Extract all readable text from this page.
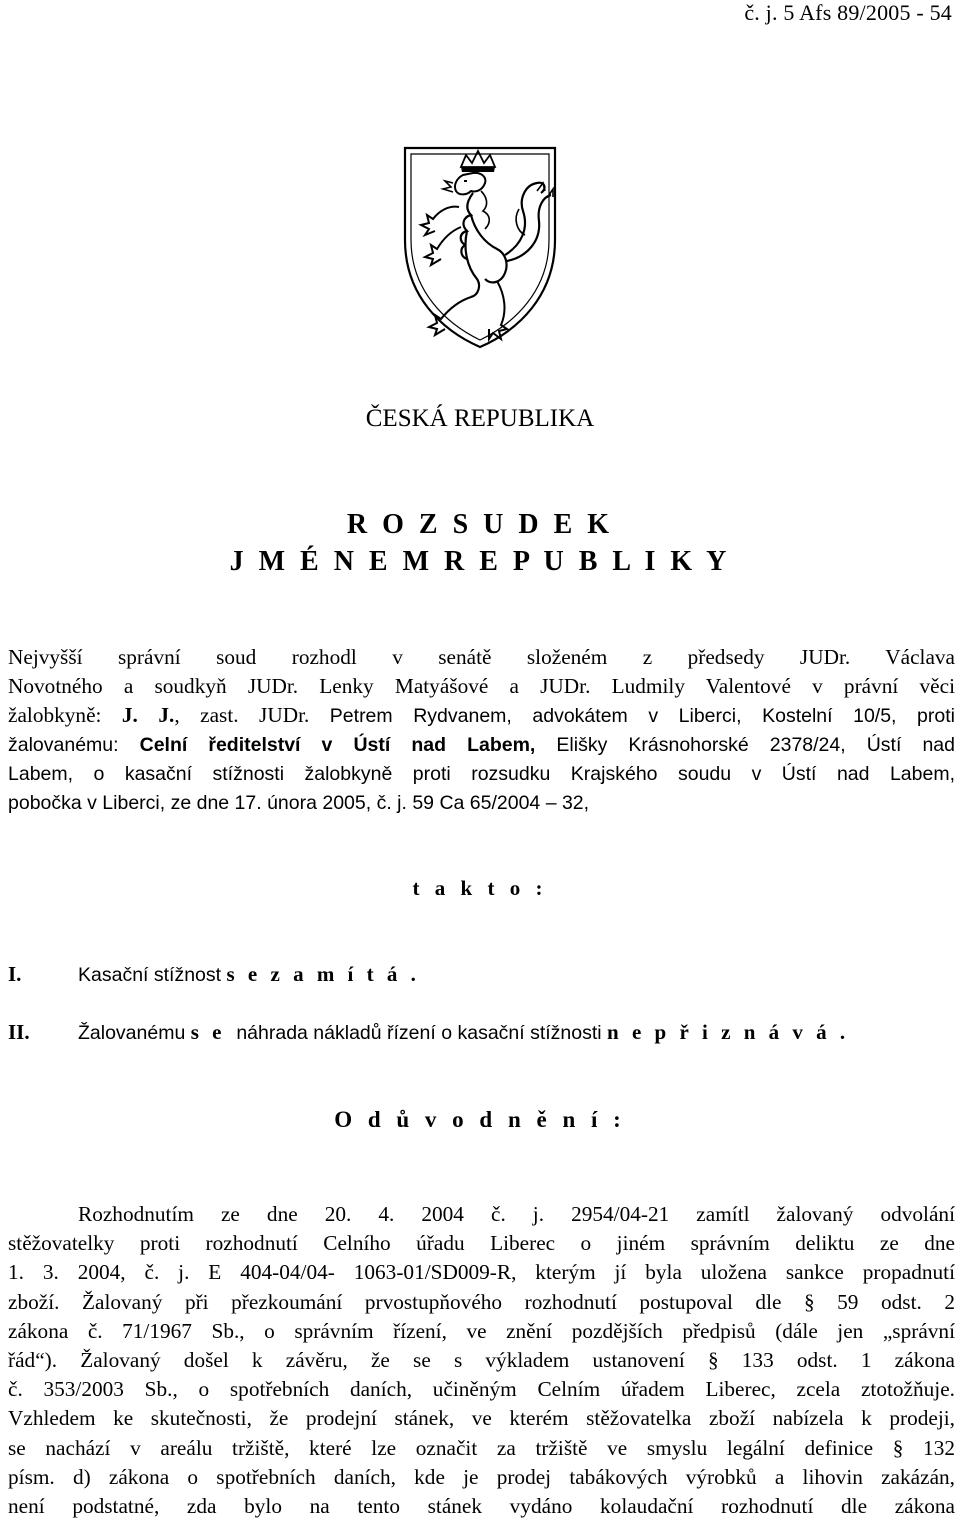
č. j. 5 Afs 89/2005 - 54
ČESKÁ REPUBLIKA
R O Z S U D E K
J M É N E M R E P U B L I K Y
Nejvyšší správní soud rozhodl v senátě složeném z předsedy JUDr. Václava
Novotného a soudkyň JUDr. Lenky Matyášové a JUDr. Ludmily Valentové v právní věci
žalobkyně: J. J., zast. JUDr. Petrem Rydvanem, advokátem v Liberci, Kostelní 10/5, proti
žalovanému: Celní ředitelství v Ústí nad Labem, Elišky Krásnohorské 2378/24, Ústí nad
Labem, o kasační stížnosti žalobkyně proti rozsudku Krajského soudu v Ústí nad Labem,
pobočka v Liberci, ze dne 17. února 2005, č. j. 59 Ca 65/2004 – 32,
t a k t o :
I.	Kasační stížnost s e z a m í t á .
II. Žalovanému s e  náhrada nákladů řízení o kasační stížnosti n e p ř i z n á v á .
O d ů v o d n ě n í :
Rozhodnutím ze dne 20. 4. 2004 č. j. 2954/04-21 zamítl žalovaný odvolání
stěžovatelky proti rozhodnutí Celního úřadu Liberec o jiném správním deliktu ze dne
1. 3. 2004, č. j. E 404-04/04- 1063-01/SD009-R, kterým jí byla uložena sankce propadnutí
zboží. Žalovaný při přezkoumání prvostupňového rozhodnutí postupoval dle § 59 odst. 2
zákona č. 71/1967 Sb., o správním řízení, ve znění pozdějších předpisů (dále jen „správní
řád“). Žalovaný došel k závěru, že se s výkladem ustanovení § 133 odst. 1 zákona
č. 353/2003 Sb., o spotřebních daních, učiněným Celním úřadem Liberec, zcela ztotožňuje.
Vzhledem ke skutečnosti, že prodejní stánek, ve kterém stěžovatelka zboží nabízela k prodeji,
se nachází v areálu tržiště, které lze označit za tržiště ve smyslu legální definice § 132
písm. d) zákona o spotřebních daních, kde je prodej tabákových výrobků a lihovin zakázán,
není podstatné, zda bylo na tento stánek vydáno kolaudační rozhodnutí dle zákona
